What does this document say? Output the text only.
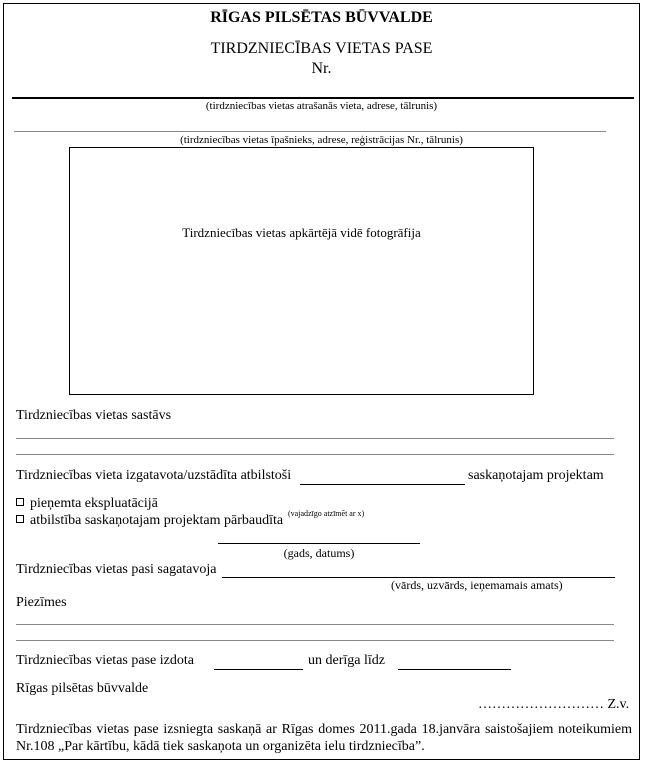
RĪGAS PILSĒTAS BŪVVALDE
TIRDZNIECĪBAS VIETAS PASE
Nr.
(tirdzniecības vietas atrašanās vieta, adrese, tālrunis)
(tirdzniecības vietas īpašnieks, adrese, reģistrācijas Nr., tālrunis)
Tirdzniecības vietas apkārtējā vidē fotogrāfija
Tirdzniecības vietas sastāvs
Tirdzniecības vieta izgatavota/uzstādīta atbilstoši	saskaņotajam projektam
pieņemta ekspluatācijā
atbilstība saskaņotajam projektam pārbaudīta (vajadzīgo atzīmēt ar x)
(gads, datums)
Tirdzniecības vietas pasi sagatavoja
(vārds, uzvārds, ieņemamais amats)
Piezīmes
Tirdzniecības vietas pase izdota	un derīga līdz
Rīgas pilsētas būvvalde
……………………… Z.v.
Tirdzniecības vietas pase izsniegta saskaņā ar Rīgas domes 2011.gada 18.janvāra saistošajiem noteikumiem Nr.108 „Par kārtību, kādā tiek saskaņota un organizēta ielu tirdzniecība”.
